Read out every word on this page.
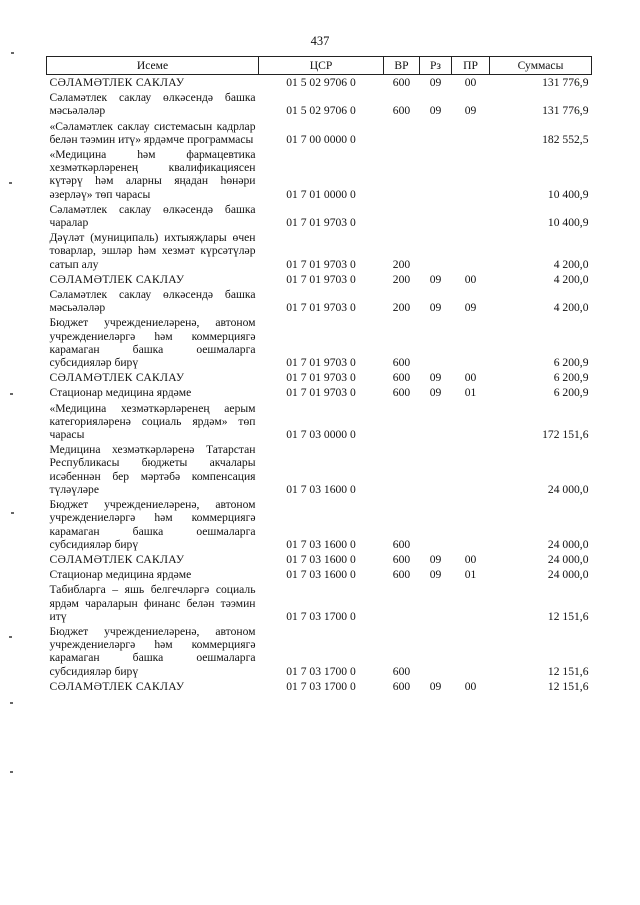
437
Исеме	ЦСР	ВР	Рз	ПР	Суммасы
СӘЛАМӘТЛЕК САКЛАУ	01 5 02 9706 0	600	09	00	131 776,9
Сәламәтлек саклау өлкәсендә башка мәсьәләләр	01 5 02 9706 0	600	09	09	131 776,9
«Сәламәтлек саклау системасын кадрлар белән тәэмин итү» ярдәмче программасы	01 7 00 0000 0				182 552,5
«Медицина һәм фармацевтика хезмәткәрләренең квалификациясен күтәрү һәм аларны яңадан һөнәри әзерләү» төп чарасы	01 7 01 0000 0				10 400,9
Сәламәтлек саклау өлкәсендә башка чаралар	01 7 01 9703 0				10 400,9
Дәүләт (муниципаль) ихтыяҗлары өчен товарлар, эшләр һәм хезмәт күрсәтүләр сатып алу	01 7 01 9703 0	200			4 200,0
СӘЛАМӘТЛЕК САКЛАУ	01 7 01 9703 0	200	09	00	4 200,0
Сәламәтлек саклау өлкәсендә башка мәсьәләләр	01 7 01 9703 0	200	09	09	4 200,0
Бюджет учреждениеләренә, автоном учреждениеләргә һәм коммерциягә карамаган башка оешмаларга субсидияләр бирү	01 7 01 9703 0	600			6 200,9
СӘЛАМӘТЛЕК САКЛАУ	01 7 01 9703 0	600	09	00	6 200,9
Стационар медицина ярдәме	01 7 01 9703 0	600	09	01	6 200,9
«Медицина хезмәткәрләренең аерым категорияләренә социаль ярдәм» төп чарасы	01 7 03 0000 0				172 151,6
Медицина хезмәткәрләренә Татарстан Республикасы бюджеты акчалары исәбеннән бер мәртәбә компенсация түләүләре	01 7 03 1600 0				24 000,0
Бюджет учреждениеләренә, автоном учреждениеләргә һәм коммерциягә карамаган башка оешмаларга субсидияләр бирү	01 7 03 1600 0	600			24 000,0
СӘЛАМӘТЛЕК САКЛАУ	01 7 03 1600 0	600	09	00	24 000,0
Стационар медицина ярдәме	01 7 03 1600 0	600	09	01	24 000,0
Табибларга – яшь белгечләргә социаль ярдәм чараларын финанс белән тәэмин итү	01 7 03 1700 0				12 151,6
Бюджет учреждениеләренә, автоном учреждениеләргә һәм коммерциягә карамаган башка оешмаларга субсидияләр бирү	01 7 03 1700 0	600			12 151,6
СӘЛАМӘТЛЕК САКЛАУ	01 7 03 1700 0	600	09	00	12 151,6
